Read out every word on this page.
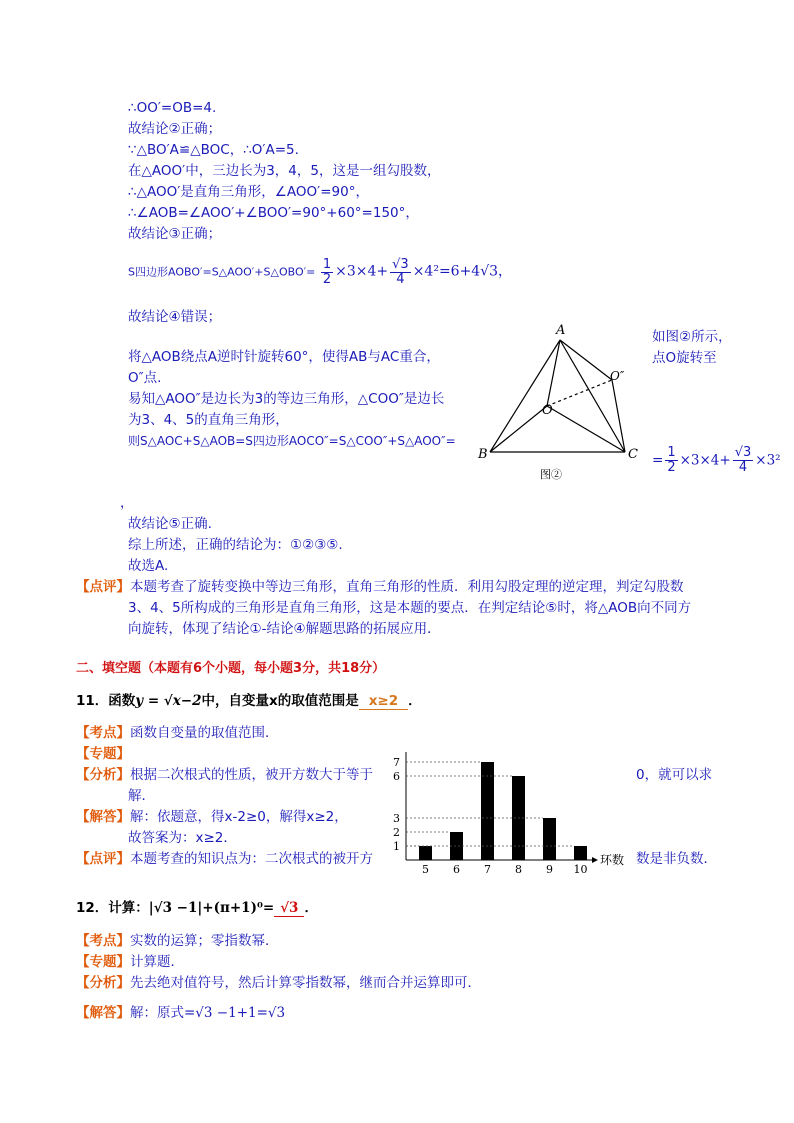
∴OO′=OB=4.
故结论②正确；
∵△BO′A≌△BOC，∴O′A=5.
在△AOO′中，三边长为3，4，5，这是一组勾股数，
∴△AOO′是直角三角形，∠AOO′=90°，
∴∠AOB=∠AOO′+∠BOO′=90°+60°=150°，
故结论③正确；
S四边形AOBO′=S△AOO′+S△OBO′= $\frac{1}{2} \times 3\times 4+ \frac{√3}{4} \times 4^2=6+4√3$，
故结论④错误；
将△AOB绕点A逆时针旋转60°，使得AB与AC重合，
O″点.
易知△AOO″是边长为3的等边三角形，△COO″是边长
为3、4、5的直角三角形，
则S△AOC+S△AOB=S四边形AOCO″=S△COO″+S△AOO″=
如图②所示，
点O旋转至
= $\frac{1}{2} \times 3\times 4+ \frac{√3}{4} \times 3^2$
，
故结论⑤正确.
综上所述，正确的结论为：①②③⑤.
故选A.
A
O″
O
B	C
图②
【点评】本题考查了旋转变换中等边三角形，直角三角形的性质．利用勾股定理的逆定理，判定勾股数
3、4、5所构成的三角形是直角三角形，这是本题的要点．在判定结论⑤时，将△AOB向不同方
向旋转，体现了结论①-结论④解题思路的拓展应用．
二、填空题（本题有6个小题，每小题3分，共18分）
11．函数y = √x−2中，自变量x的取值范围是 x≥2 ．
【考点】函数自变量的取值范围．
【专题】
【分析】根据二次根式的性质，被开方数大于等于	0，就可以求
解．
【解答】解：依题意，得x-2≥0，解得x≥2，
故答案为：x≥2．
【点评】本题考查的知识点为：二次根式的被开方	数是非负数．
5 6 7 8 9 10
1
2
3
6
7
环数
12．计算：|√3 −1|+(π+1)⁰= √3 ．
【考点】实数的运算；零指数幂．
【专题】计算题．
【分析】先去绝对值符号，然后计算零指数幂，继而合并运算即可．
【解答】解：原式=√3 −1+1=√3
